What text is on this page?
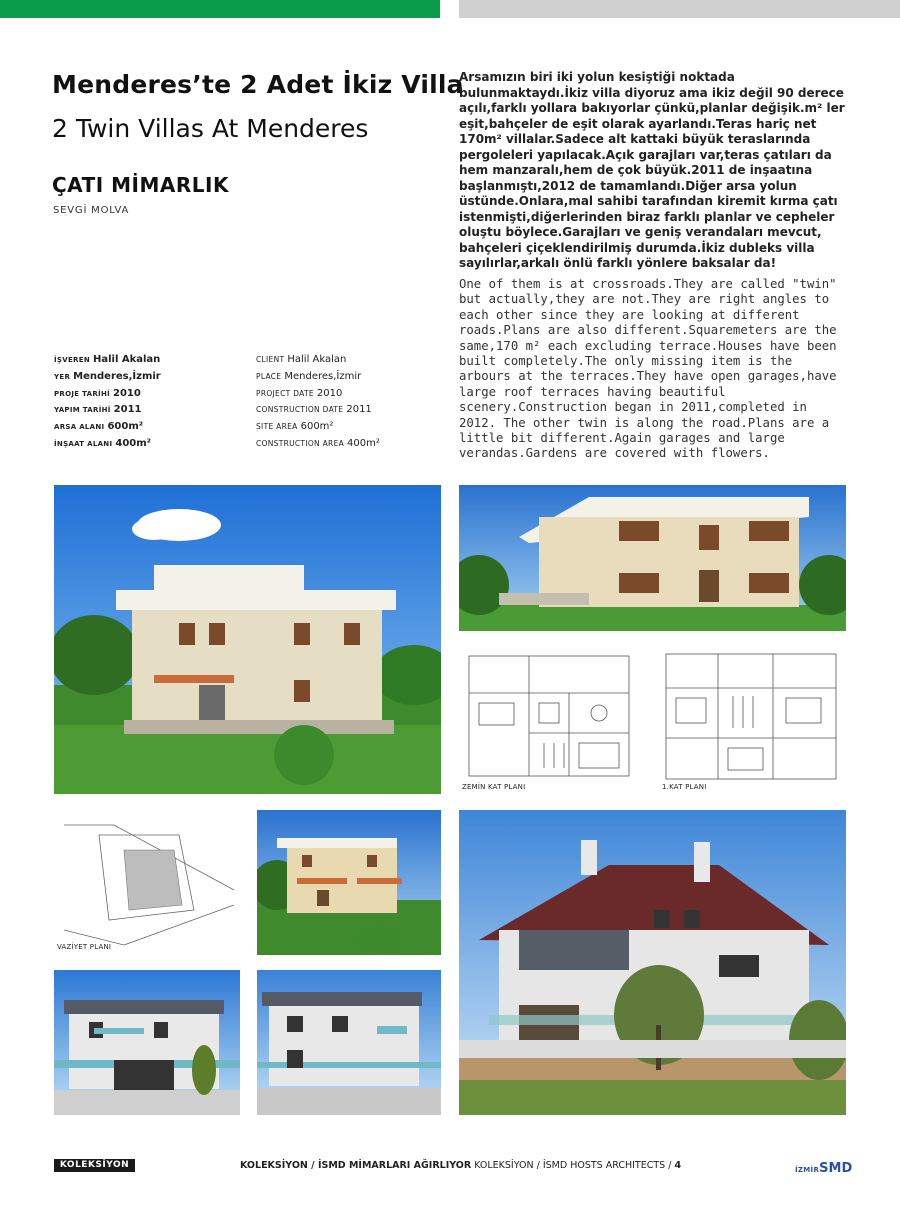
Menderes’te 2 Adet İkiz Villa
2 Twin Villas At Menderes
ÇATI MİMARLIK
SEVGİ MOLVA
İŞVEREN Halil Akalan
YER Menderes,İzmir
PROJE TARİHİ 2010
YAPIM TARİHİ 2011
ARSA ALANI 600m²
İNŞAAT ALANI 400m²
CLIENT Halil Akalan
PLACE Menderes,İzmir
PROJECT DATE 2010
CONSTRUCTION DATE 2011
SITE AREA 600m²
CONSTRUCTION AREA 400m²
Arsamızın biri iki yolun kesiştiği noktada bulunmaktaydı.İkiz villa diyoruz ama ikiz değil 90 derece açılı,farklı yollara bakıyorlar çünkü,planlar değişik.m² ler eşit,bahçeler de eşit olarak ayarlandı.Teras hariç net 170m² villalar.Sadece alt kattaki büyük teraslarında pergoleleri yapılacak.Açık garajları var,teras çatıları da hem manzaralı,hem de çok büyük.2011 de inşaatına başlanmıştı,2012 de tamamlandı.Diğer arsa yolun üstünde.Onlara,mal sahibi tarafından kiremit kırma çatı istenmişti,diğerlerinden biraz farklı planlar ve cepheler oluştu böylece.Garajları ve geniş verandaları mevcut, bahçeleri çiçeklendirilmiş durumda.İkiz dubleks villa sayılırlar,arkalı önlü farklı yönlere baksalar da!
One of them is at crossroads.They are called "twin" but actually,they are not.They are right angles to each other since they are looking at different roads.Plans are also different.Squaremeters are the same,170 m² each excluding terrace.Houses have been built completely.The only missing item is the arbours at the terraces.They have open garages,have large roof terraces having beautiful scenery.Construction began in 2011,completed in 2012. The other twin is along the road.Plans are a little bit different.Again garages and large verandas.Gardens are covered with flowers.
ZEMİN KAT PLANI	1.KAT PLANI
VAZİYET PLANI
KOLEKSİYON	KOLEKSİYON / İSMD MİMARLARI AĞIRLIYOR KOLEKSİYON / İSMD HOSTS ARCHITECTS / 4	İZMİRSMD
